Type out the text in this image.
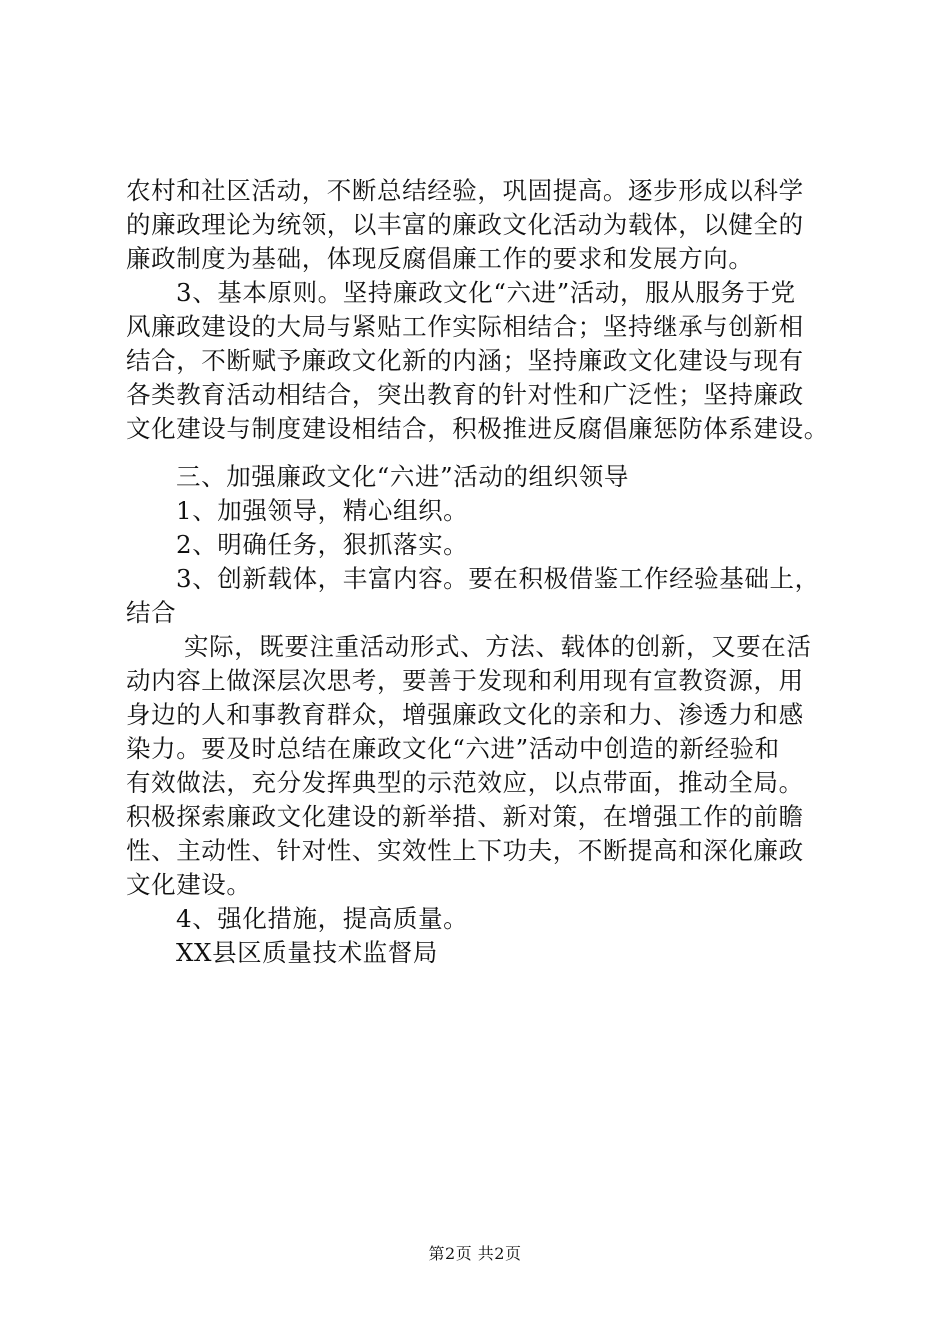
农村和社区活动，不断总结经验，巩固提高。逐步形成以科学
的廉政理论为统领，以丰富的廉政文化活动为载体，以健全的
廉政制度为基础，体现反腐倡廉工作的要求和发展方向。
3、基本原则。坚持廉政文化“六进”活动，服从服务于党
风廉政建设的大局与紧贴工作实际相结合；坚持继承与创新相
结合，不断赋予廉政文化新的内涵；坚持廉政文化建设与现有
各类教育活动相结合，突出教育的针对性和广泛性；坚持廉政
文化建设与制度建设相结合，积极推进反腐倡廉惩防体系建设。
三、加强廉政文化“六进”活动的组织领导
1、加强领导，精心组织。
2、明确任务，狠抓落实。
3、创新载体，丰富内容。要在积极借鉴工作经验基础上，
结合
实际，既要注重活动形式、方法、载体的创新，又要在活
动内容上做深层次思考，要善于发现和利用现有宣教资源，用
身边的人和事教育群众，增强廉政文化的亲和力、渗透力和感
染力。要及时总结在廉政文化“六进”活动中创造的新经验和
有效做法，充分发挥典型的示范效应，以点带面，推动全局。
积极探索廉政文化建设的新举措、新对策，在增强工作的前瞻
性、主动性、针对性、实效性上下功夫，不断提高和深化廉政
文化建设。
4、强化措施，提高质量。
XX县区质量技术监督局
第2页 共2页
